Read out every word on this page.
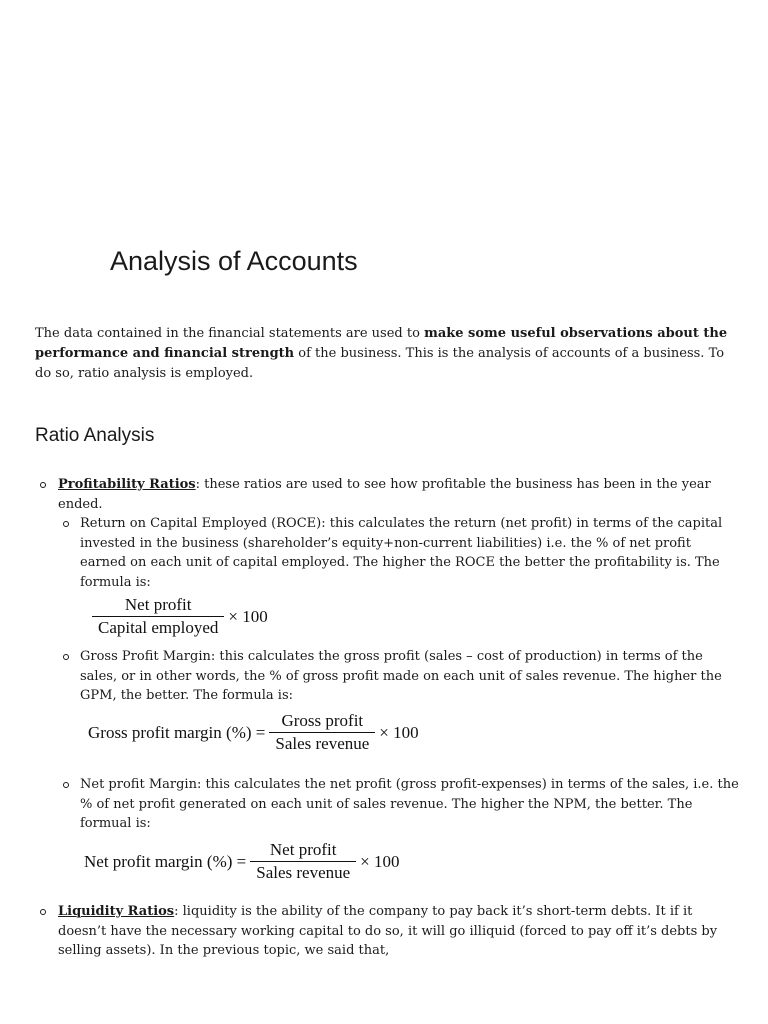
Analysis of Accounts

The data contained in the financial statements are used to make some useful observations about the performance and financial strength of the business. This is the analysis of accounts of a business. To do so, ratio analysis is employed.

Ratio Analysis

Profitability Ratios: these ratios are used to see how profitable the business has been in the year ended.

Return on Capital Employed (ROCE): this calculates the return (net profit) in terms of the capital invested in the business (shareholder’s equity+non-current liabilities) i.e. the % of net profit earned on each unit of capital employed. The higher the ROCE the better the profitability is. The formula is:

$\frac{\text{Net profit}}{\text{Capital employed}} \times 100$

Gross Profit Margin: this calculates the gross profit (sales – cost of production) in terms of the sales, or in other words, the % of gross profit made on each unit of sales revenue. The higher the GPM, the better. The formula is:

Gross profit margin (%) = $\frac{\text{Gross profit}}{\text{Sales revenue}} \times 100$

Net profit Margin: this calculates the net profit (gross profit-expenses) in terms of the sales, i.e. the % of net profit generated on each unit of sales revenue. The higher the NPM, the better. The formual is:

Net profit margin (%) = $\frac{\text{Net profit}}{\text{Sales revenue}} \times 100$

Liquidity Ratios: liquidity is the ability of the company to pay back it’s short-term debts. It if it doesn’t have the necessary working capital to do so, it will go illiquid (forced to pay off it’s debts by selling assets). In the previous topic, we said that,
